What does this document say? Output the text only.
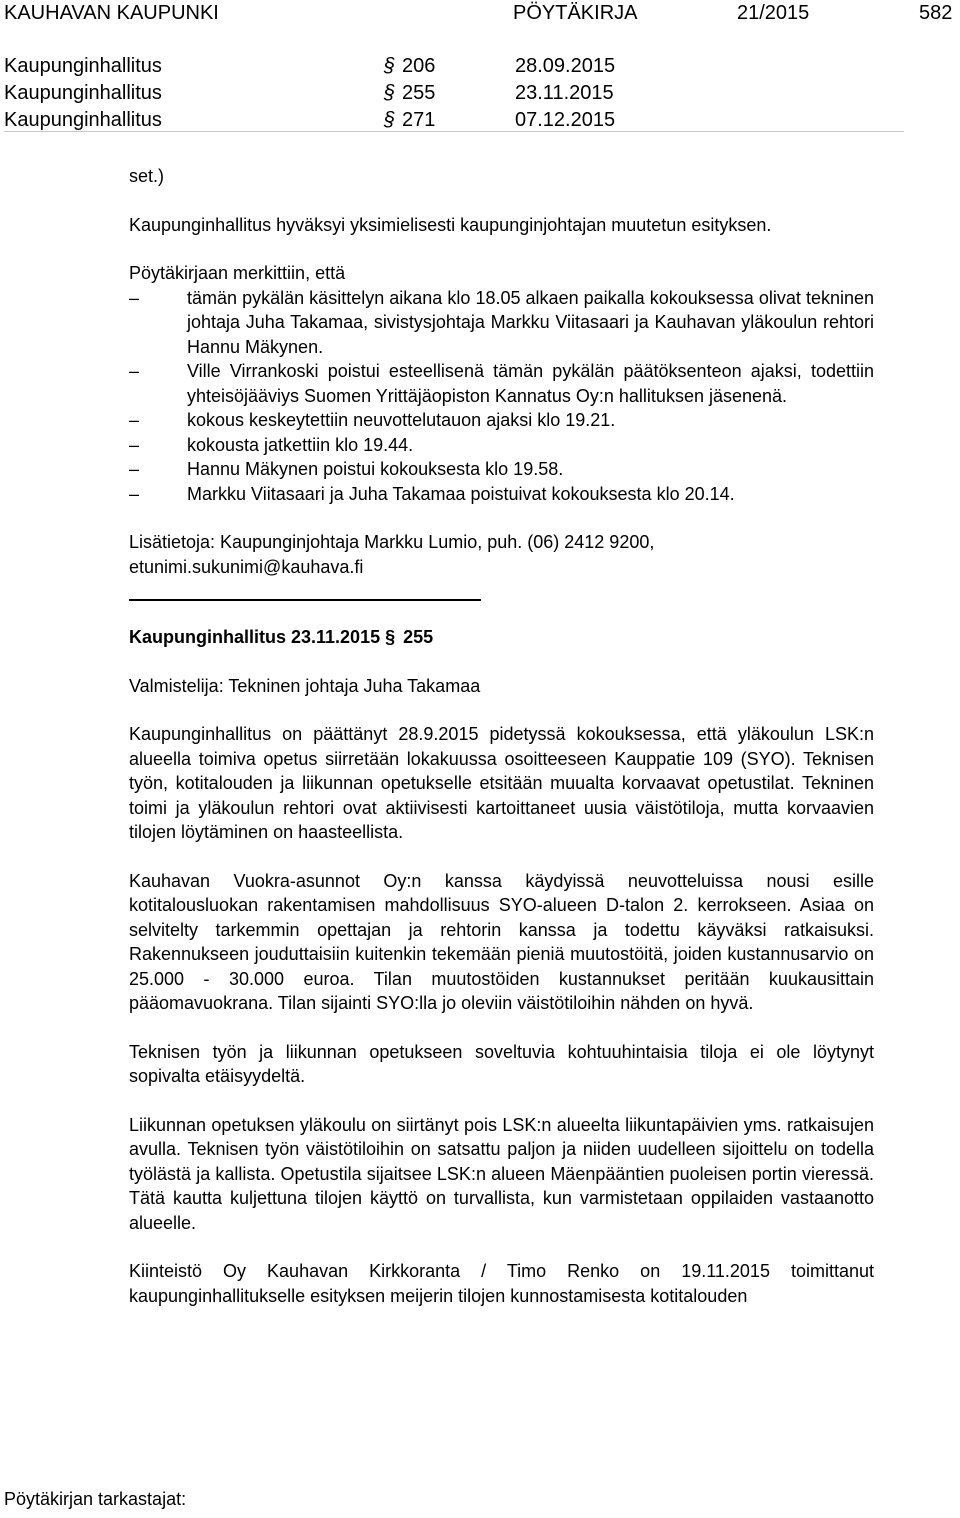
KAUHAVAN KAUPUNKI	PÖYTÄKIRJA	21/2015	582
Kaupunginhallitus §	206	28.09.2015
Kaupunginhallitus §	255	23.11.2015
Kaupunginhallitus §	271	07.12.2015

set.)

Kaupunginhallitus hyväksyi yksimielisesti kaupunginjohtajan muutetun esityksen.

Pöytäkirjaan merkittiin, että

– tämän pykälän käsittelyn aikana klo 18.05 alkaen paikalla kokouksessa olivat tekninen johtaja Juha Takamaa, sivistysjohtaja Markku Viitasaari ja Kauhavan yläkoulun rehtori Hannu Mäkynen.
– Ville Virrankoski poistui esteellisenä tämän pykälän päätöksenteon ajaksi, todettiin yhteisöjääviys Suomen Yrittäjäopiston Kannatus Oy:n hallituksen jäsenenä.
– kokous keskeytettiin neuvottelutauon ajaksi klo 19.21.
– kokousta jatkettiin klo 19.44.
– Hannu Mäkynen poistui kokouksesta klo 19.58.
– Markku Viitasaari ja Juha Takamaa poistuivat kokouksesta klo 20.14.

Lisätietoja: Kaupunginjohtaja Markku Lumio, puh. (06) 2412 9200,
etunimi.sukunimi@kauhava.fi

Kaupunginhallitus 23.11.2015 § 255

Valmistelija: Tekninen johtaja Juha Takamaa

Kaupunginhallitus on päättänyt 28.9.2015 pidetyssä kokouksessa, että yläkoulun LSK:n alueella toimiva opetus siirretään lokakuussa osoitteeseen Kauppatie 109 (SYO). Teknisen työn, kotitalouden ja liikunnan opetukselle etsitään muualta korvaavat opetustilat. Tekninen toimi ja yläkoulun rehtori ovat aktiivisesti kartoittaneet uusia väistötiloja, mutta korvaavien tilojen löytäminen on haasteellista.

Kauhavan Vuokra-asunnot Oy:n kanssa käydyissä neuvotteluissa nousi esille kotitalousluokan rakentamisen mahdollisuus SYO-alueen D-talon 2. kerrokseen. Asiaa on selvitelty tarkemmin opettajan ja rehtorin kanssa ja todettu käyväksi ratkaisuksi. Rakennukseen jouduttaisiin kuitenkin tekemään pieniä muutostöitä, joiden kustannusarvio on 25.000 - 30.000 euroa. Tilan muutostöiden kustannukset peritään kuukausittain pääomavuokrana. Tilan sijainti SYO:lla jo oleviin väistötiloihin nähden on hyvä.

Teknisen työn ja liikunnan opetukseen soveltuvia kohtuuhintaisia tiloja ei ole löytynyt sopivalta etäisyydeltä.

Liikunnan opetuksen yläkoulu on siirtänyt pois LSK:n alueelta liikuntapäivien yms. ratkaisujen avulla. Teknisen työn väistötiloihin on satsattu paljon ja niiden uudelleen sijoittelu on todella työlästä ja kallista. Opetustila sijaitsee LSK:n alueen Mäenpääntien puoleisen portin vieressä. Tätä kautta kuljettuna tilojen käyttö on turvallista, kun varmistetaan oppilaiden vastaanotto alueelle.

Kiinteistö Oy Kauhavan Kirkkoranta / Timo Renko on 19.11.2015 toimittanut kaupunginhallitukselle esityksen meijerin tilojen kunnostamisesta kotitalouden

Pöytäkirjan tarkastajat:
